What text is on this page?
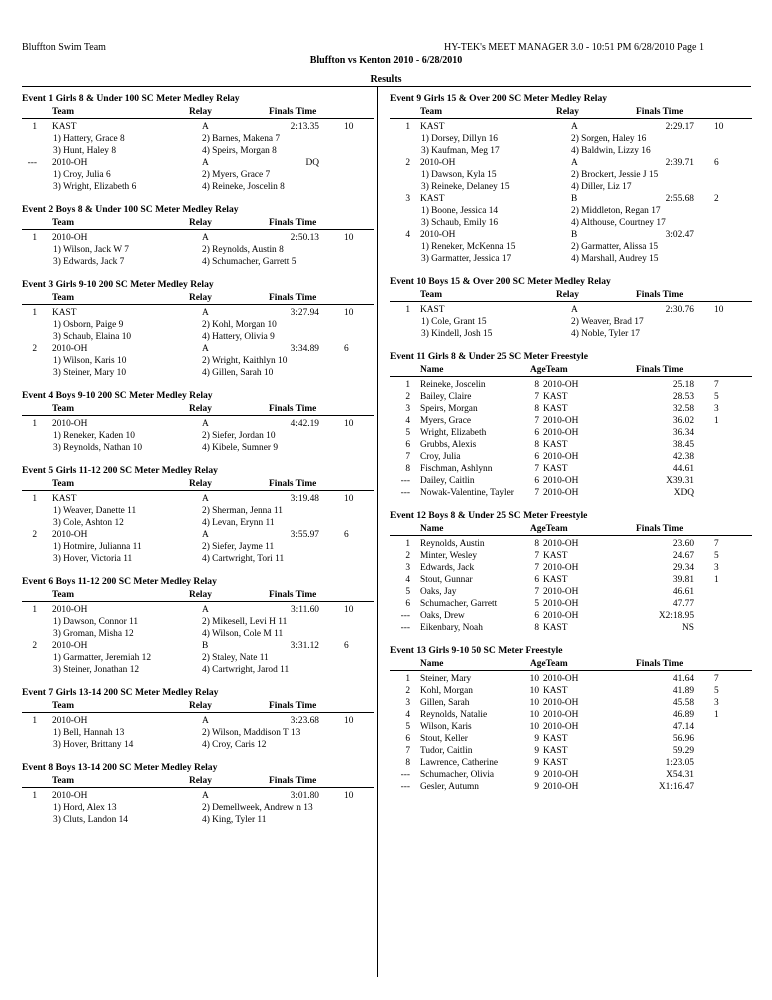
Bluffton Swim Team	HY-TEK's MEET MANAGER 3.0 - 10:51 PM 6/28/2010 Page 1
Bluffton vs Kenton 2010 - 6/28/2010
Results
Event 1 Girls 8 & Under 100 SC Meter Medley Relay
Team	Relay	Finals Time
1 KAST	A	2:13.35	10
1) Hattery, Grace 8	2) Barnes, Makena 7
3) Hunt, Haley 8	4) Speirs, Morgan 8
--- 2010-OH	A	DQ
1) Croy, Julia 6	2) Myers, Grace 7
3) Wright, Elizabeth 6	4) Reineke, Joscelin 8
Event 2 Boys 8 & Under 100 SC Meter Medley Relay
Team	Relay	Finals Time
1 2010-OH	A	2:50.13	10
1) Wilson, Jack W 7	2) Reynolds, Austin 8
3) Edwards, Jack 7	4) Schumacher, Garrett 5
Event 3 Girls 9-10 200 SC Meter Medley Relay
Team	Relay	Finals Time
1 KAST	A	3:27.94	10
1) Osborn, Paige 9	2) Kohl, Morgan 10
3) Schaub, Elaina 10	4) Hattery, Olivia 9
2 2010-OH	A	3:34.89	6
1) Wilson, Karis 10	2) Wright, Kaithlyn 10
3) Steiner, Mary 10	4) Gillen, Sarah 10
Event 4 Boys 9-10 200 SC Meter Medley Relay
Team	Relay	Finals Time
1 2010-OH	A	4:42.19	10
1) Reneker, Kaden 10	2) Siefer, Jordan 10
3) Reynolds, Nathan 10	4) Kibele, Sumner 9
Event 5 Girls 11-12 200 SC Meter Medley Relay
Team	Relay	Finals Time
1 KAST	A	3:19.48	10
1) Weaver, Danette 11	2) Sherman, Jenna 11
3) Cole, Ashton 12	4) Levan, Erynn 11
2 2010-OH	A	3:55.97	6
1) Hotmire, Julianna 11	2) Siefer, Jayme 11
3) Hover, Victoria 11	4) Cartwright, Tori 11
Event 6 Boys 11-12 200 SC Meter Medley Relay
Team	Relay	Finals Time
1 2010-OH	A	3:11.60	10
1) Dawson, Connor 11	2) Mikesell, Levi H 11
3) Groman, Misha 12	4) Wilson, Cole M 11
2 2010-OH	B	3:31.12	6
1) Garmatter, Jeremiah 12	2) Staley, Nate 11
3) Steiner, Jonathan 12	4) Cartwright, Jarod 11
Event 7 Girls 13-14 200 SC Meter Medley Relay
Team	Relay	Finals Time
1 2010-OH	A	3:23.68	10
1) Bell, Hannah 13	2) Wilson, Maddison T 13
3) Hover, Brittany 14	4) Croy, Caris 12
Event 8 Boys 13-14 200 SC Meter Medley Relay
Team	Relay	Finals Time
1 2010-OH	A	3:01.80	10
1) Hord, Alex 13	2) Demellweek, Andrew n 13
3) Cluts, Landon 14	4) King, Tyler 11
Event 9 Girls 15 & Over 200 SC Meter Medley Relay
Team	Relay	Finals Time
1 KAST	A	2:29.17 10
1) Dorsey, Dillyn 16	2) Sorgen, Haley 16
3) Kaufman, Meg 17	4) Baldwin, Lizzy 16
2 2010-OH	A	2:39.71 6
1) Dawson, Kyla 15	2) Brockert, Jessie J 15
3) Reineke, Delaney 15	4) Diller, Liz 17
3 KAST	B	2:55.68 2
1) Boone, Jessica 14	2) Middleton, Regan 17
3) Schaub, Emily 16	4) Althouse, Courtney 17
4 2010-OH	B	3:02.47
1) Reneker, McKenna 15	2) Garmatter, Alissa 15
3) Garmatter, Jessica 17	4) Marshall, Audrey 15
Event 10 Boys 15 & Over 200 SC Meter Medley Relay
Team	Relay	Finals Time
1 KAST	A	2:30.76 10
1) Cole, Grant 15	2) Weaver, Brad 17
3) Kindell, Josh 15	4) Noble, Tyler 17
Event 11 Girls 8 & Under 25 SC Meter Freestyle
Name	AgeTeam	Finals Time
1 Reineke, Joscelin	8 2010-OH	25.18 7
2 Bailey, Claire	7 KAST	28.53 5
3 Speirs, Morgan	8 KAST	32.58 3
4 Myers, Grace	7 2010-OH	36.02 1
5 Wright, Elizabeth	6 2010-OH	36.34
6 Grubbs, Alexis	8 KAST	38.45
7 Croy, Julia	6 2010-OH	42.38
8 Fischman, Ashlynn	7 KAST	44.61
--- Dailey, Caitlin	6 2010-OH	X39.31
--- Nowak-Valentine, Tayler 7 2010-OH	XDQ
Event 12 Boys 8 & Under 25 SC Meter Freestyle
Name	AgeTeam	Finals Time
1 Reynolds, Austin	8 2010-OH	23.60 7
2 Minter, Wesley	7 KAST	24.67 5
3 Edwards, Jack	7 2010-OH	29.34 3
4 Stout, Gunnar	6 KAST	39.81 1
5 Oaks, Jay	7 2010-OH	46.61
6 Schumacher, Garrett	5 2010-OH	47.77
--- Oaks, Drew	6 2010-OH	X2:18.95
--- Eikenbary, Noah	8 KAST	NS
Event 13 Girls 9-10 50 SC Meter Freestyle
Name	AgeTeam	Finals Time
1 Steiner, Mary	10 2010-OH	41.64 7
2 Kohl, Morgan	10 KAST	41.89 5
3 Gillen, Sarah	10 2010-OH	45.58 3
4 Reynolds, Natalie	10 2010-OH	46.89 1
5 Wilson, Karis	10 2010-OH	47.14
6 Stout, Keller	9 KAST	56.96
7 Tudor, Caitlin	9 KAST	59.29
8 Lawrence, Catherine	9 KAST	1:23.05
--- Schumacher, Olivia	9 2010-OH	X54.31
--- Gesler, Autumn	9 2010-OH	X1:16.47
